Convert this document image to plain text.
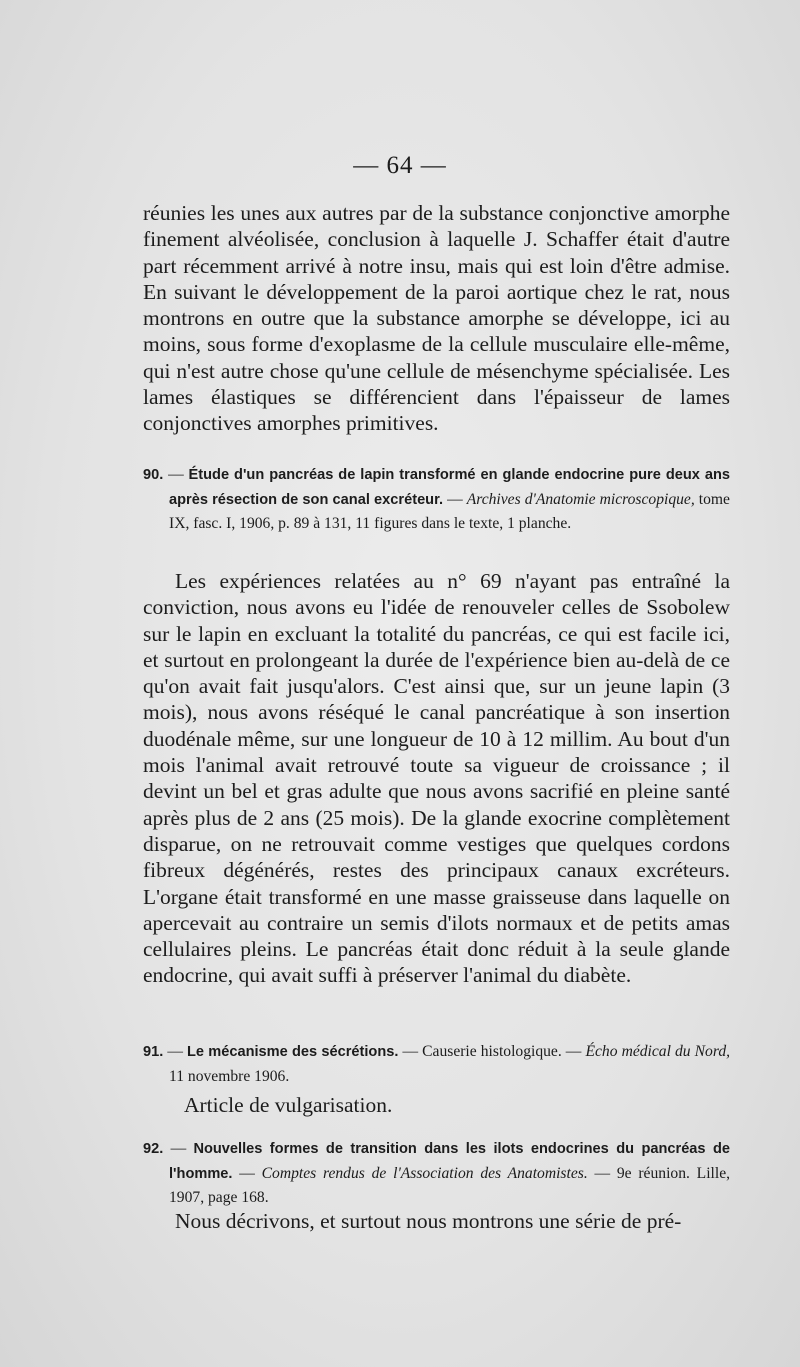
— 64 —
réunies les unes aux autres par de la substance conjonctive amorphe finement alvéolisée, conclusion à laquelle J. Schaffer était d'autre part récemment arrivé à notre insu, mais qui est loin d'être admise. En suivant le développement de la paroi aortique chez le rat, nous montrons en outre que la substance amorphe se développe, ici au moins, sous forme d'exoplasme de la cellule musculaire elle-même, qui n'est autre chose qu'une cellule de mésenchyme spécialisée. Les lames élastiques se différencient dans l'épaisseur de lames conjonctives amorphes primitives.
90. — Étude d'un pancréas de lapin transformé en glande endocrine pure deux ans après résection de son canal excréteur. — Archives d'Anatomie microscopique, tome IX, fasc. I, 1906, p. 89 à 131, 11 figures dans le texte, 1 planche.
Les expériences relatées au n° 69 n'ayant pas entraîné la conviction, nous avons eu l'idée de renouveler celles de Ssobolew sur le lapin en excluant la totalité du pancréas, ce qui est facile ici, et surtout en prolongeant la durée de l'expérience bien au-delà de ce qu'on avait fait jusqu'alors. C'est ainsi que, sur un jeune lapin (3 mois), nous avons réséqué le canal pancréatique à son insertion duodénale même, sur une longueur de 10 à 12 millim. Au bout d'un mois l'animal avait retrouvé toute sa vigueur de croissance ; il devint un bel et gras adulte que nous avons sacrifié en pleine santé après plus de 2 ans (25 mois). De la glande exocrine complètement disparue, on ne retrouvait comme vestiges que quelques cordons fibreux dégénérés, restes des principaux canaux excréteurs. L'organe était transformé en une masse graisseuse dans laquelle on apercevait au contraire un semis d'ilots normaux et de petits amas cellulaires pleins. Le pancréas était donc réduit à la seule glande endocrine, qui avait suffi à préserver l'animal du diabète.
91. — Le mécanisme des sécrétions. — Causerie histologique. — Écho médical du Nord, 11 novembre 1906.
Article de vulgarisation.
92. — Nouvelles formes de transition dans les ilots endocrines du pancréas de l'homme. — Comptes rendus de l'Association des Anatomistes. — 9e réunion. Lille, 1907, page 168.
Nous décrivons, et surtout nous montrons une série de pré-
